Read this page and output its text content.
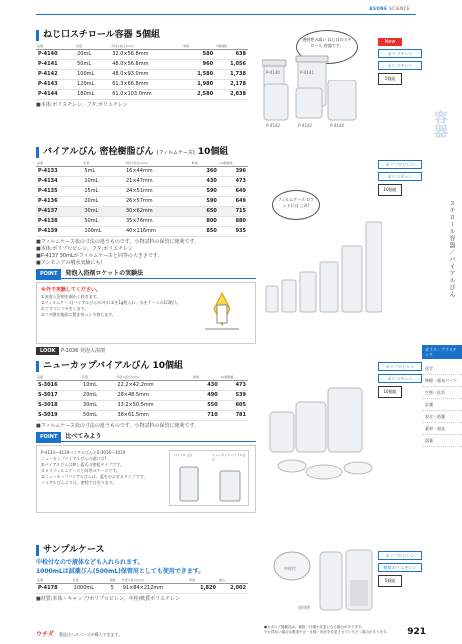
ASONE SCIENCE
容器
スチロール容器／バイアルびん
ガラス・プラスチック
化学
物理・電気パーツ
生物・医学
計測
安全・防護
素材・部品
試薬
ねじ口スチロール容器 5個組
品番	容量	外径×高さ(mm)	単価	5個価格
P-4140	20mL	32.0×56.8mm	580	638
P-4141	50mL	48.0×56.8mm	960	1,056
P-4142	100mL	48.0×93.0mm	1,580	1,738
P-4143	120mL	61.3×66.8mm	1,980	2,178
P-4144	180mL	61.0×103.0mm	2,580	2,838
■本体:ポリスチレン、フタ:ポリエチレン
透明性の高い ねじ口のスチロール 容器です。
P-4140	P-4141
P-4142	P-4143	P-4144
New
ポリ スチレン
ポリ エチレン
5個組
バイアルびん 密栓樹脂びん (フィルムケース) 10個組
品番	容量	外径×高さ(mm)	単価	10個価格
P-4133	5mL	16×44mm	360	396
P-4134	10mL	21×47mm	430	473
P-4135	15mL	24×51mm	590	649
P-4136	20mL	26×57mm	590	649
P-4137	30mL	30×62mm	650	715
P-4138	50mL	35×76mm	800	880
P-4139	100mL	40×116mm	850	935
■フィルムケース状の寸法の違うものです。小物試料の保管に便利です。
■本体:ポリプロピレン、フタ:ポリエチレン
■P-4137 30mLがフィルムケースと同等の大きさです。
■アンモニアの噴水実験にも!
POINT 発泡入浴剤ロケットの実験法
※外で実験してください。
①発泡入浴剤を細かく砕きます。
②フィルムケース(バイアルびん)の中に①を1g程入れ、水をケースの1/3程入れてすぐにフタをします。
③フタ側を地面に置き待つと今待ちます。
LOOK P-1036 発泡入浴剤
フィルムケース ロケットには これ!
ポリ プロピレン
ポリ エチレン
10個組
ニューカップバイアルびん 10個組
品番	容量	外径×高さ(mm)	単価	10個価格
S-3016	10mL	22.2×42.2mm	430	473
S-3017	20mL	28×48.5mm	490	539
S-3018	30mL	33.2×50.5mm	550	605
S-3019	50mL	38×61.5mm	710	781
■フィルムケース状の寸法の違うものです。小物試料の保管に便利です。
POINT 比べてみよう
P-4133〜4139バイアルびんとS-3016〜3019
ニューカップバイアルびんの違いは?
①バイアルびんは押し蓋式の密栓タイプです。
カメラフィルムケースと同等のケースです。
②ニューカップバイアルびんは、蓋をかぶせるタイプです。
バイアルびんよりは、密栓では劣ります。
バイアル びん	ニューカップ バイアルびん
ポリ プロピレン
ポリ エチレン
10個組
サンプルケース
中栓付なので液体なども入れられます。
1000mLは試薬びん(500mL)保管用としても使用できます。
品番	容量	個数	外径×高さ(mm)	単価	税込
P-4178	1000mL	5	91×84×212mm	1,820	2,002
■材質:本体・キャップ/ポリプロピレン、中栓/軟質ポリエチレン
中栓付
使用例
ポリ プロピレン
軟質ポリ エチレン
5個組
ウチダ 製造はヘルパーズが購入できます。
●カタログ掲載品は、価格・仕様が変更になる場合があります。
やむ得ない場合は製造中止・仕様・形状を変更させていただく場合があります。	921
